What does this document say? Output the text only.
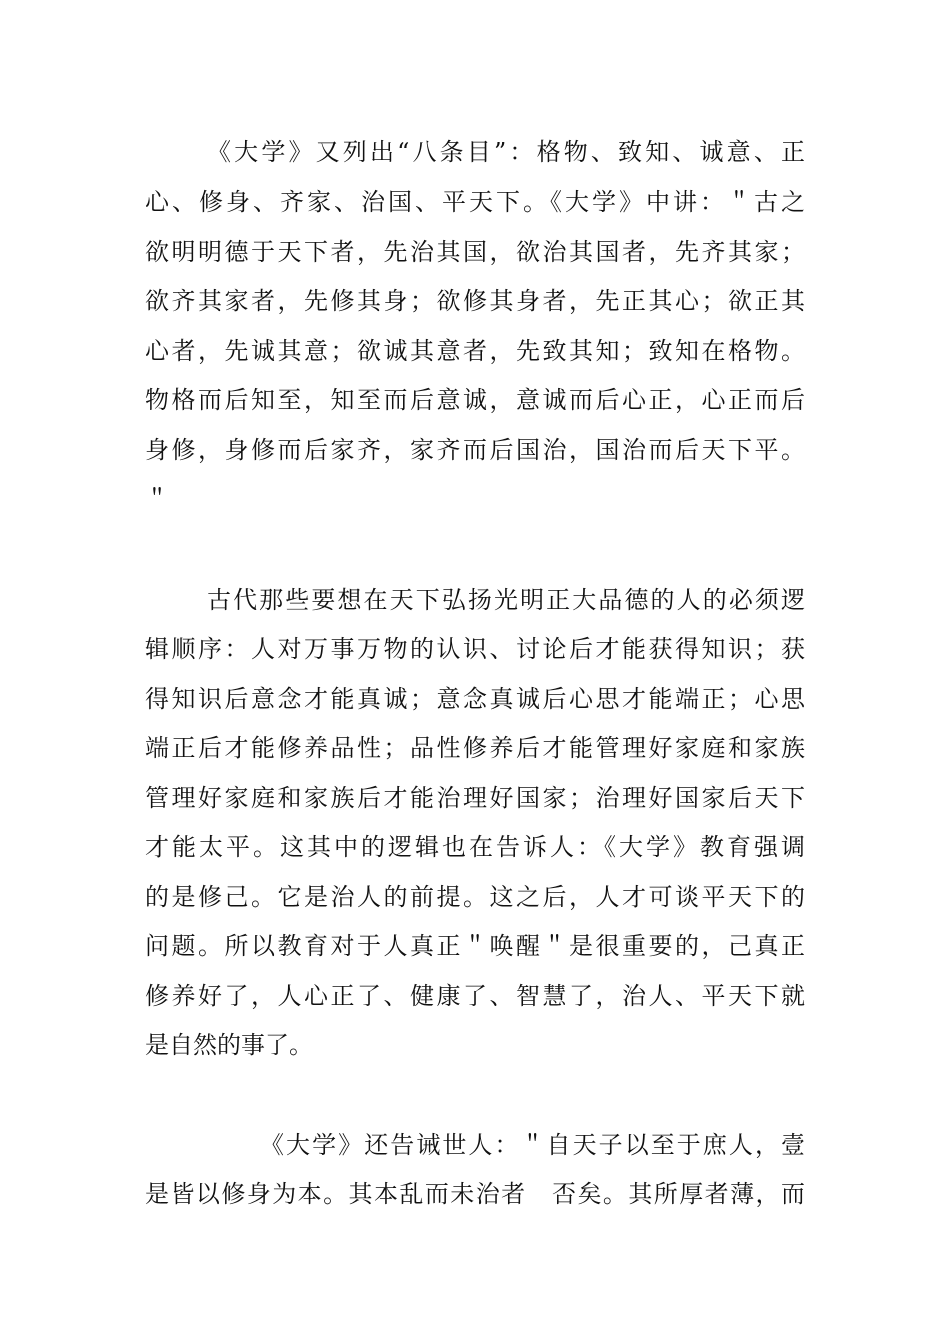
《大学》又列出“八条目”：格物、致知、诚意、正
心、修身、齐家、治国、平天下。《大学》中讲：＂古之
欲明明德于天下者，先治其国，欲治其国者，先齐其家；
欲齐其家者，先修其身；欲修其身者，先正其心；欲正其
心者，先诚其意；欲诚其意者，先致其知；致知在格物。
物格而后知至，知至而后意诚，意诚而后心正，心正而后
身修，身修而后家齐，家齐而后国治，国治而后天下平。
＂
古代那些要想在天下弘扬光明正大品德的人的必须逻
辑顺序：人对万事万物的认识、讨论后才能获得知识；获
得知识后意念才能真诚；意念真诚后心思才能端正；心思
端正后才能修养品性；品性修养后才能管理好家庭和家族
管理好家庭和家族后才能治理好国家；治理好国家后天下
才能太平。这其中的逻辑也在告诉人：《大学》教育强调
的是修己。它是治人的前提。这之后，人才可谈平天下的
问题。所以教育对于人真正＂唤醒＂是很重要的，己真正
修养好了，人心正了、健康了、智慧了，治人、平天下就
是自然的事了。
《大学》还告诫世人：＂自天子以至于庶人，壹
是皆以修身为本。其本乱而未治者　否矣。其所厚者薄，而
